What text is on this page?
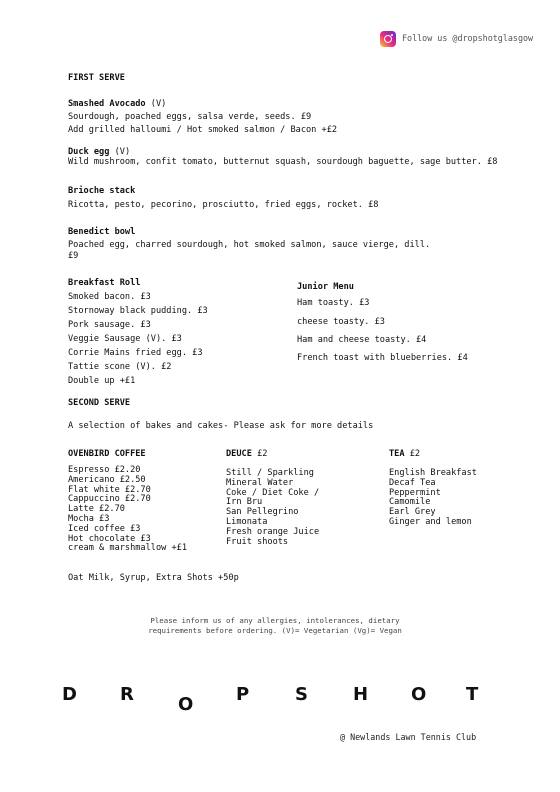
Follow us @dropshotglasgow
FIRST SERVE
Smashed Avocado (V)
Sourdough, poached eggs, salsa verde, seeds. £9
Add grilled halloumi / Hot smoked salmon / Bacon +£2
Duck egg (V)
Wild mushroom, confit tomato, butternut squash, sourdough baguette, sage butter. £8
Brioche stack
Ricotta, pesto, pecorino, prosciutto, fried eggs, rocket. £8
Benedict bowl
Poached egg, charred sourdough, hot smoked salmon, sauce vierge, dill.
£9
Breakfast Roll
Smoked bacon. £3
Stornoway black pudding. £3
Pork sausage. £3
Veggie Sausage (V). £3
Corrie Mains fried egg. £3
Tattie scone (V). £2
Double up +£1
Junior Menu
Ham toasty. £3
cheese toasty. £3
Ham and cheese toasty. £4
French toast with blueberries. £4
SECOND SERVE
A selection of bakes and cakes- Please ask for more details
OVENBIRD COFFEE
Espresso £2.20
Americano £2.50
Flat white £2.70
Cappuccino £2.70
Latte £2.70
Mocha £3
Iced coffee £3
Hot chocolate £3
cream & marshmallow +£1
DEUCE £2
Still / Sparkling
Mineral Water
Coke / Diet Coke /
Irn Bru
San Pellegrino
Limonata
Fresh orange Juice
Fruit shoots
TEA £2
English Breakfast
Decaf Tea
Peppermint
Camomile
Earl Grey
Ginger and lemon
Oat Milk, Syrup, Extra Shots +50p
Please inform us of any allergies, intolerances, dietary
requirements before ordering. (V)= Vegetarian (Vg)= Vegan
D R O P	S	H O T
@ Newlands Lawn Tennis Club
